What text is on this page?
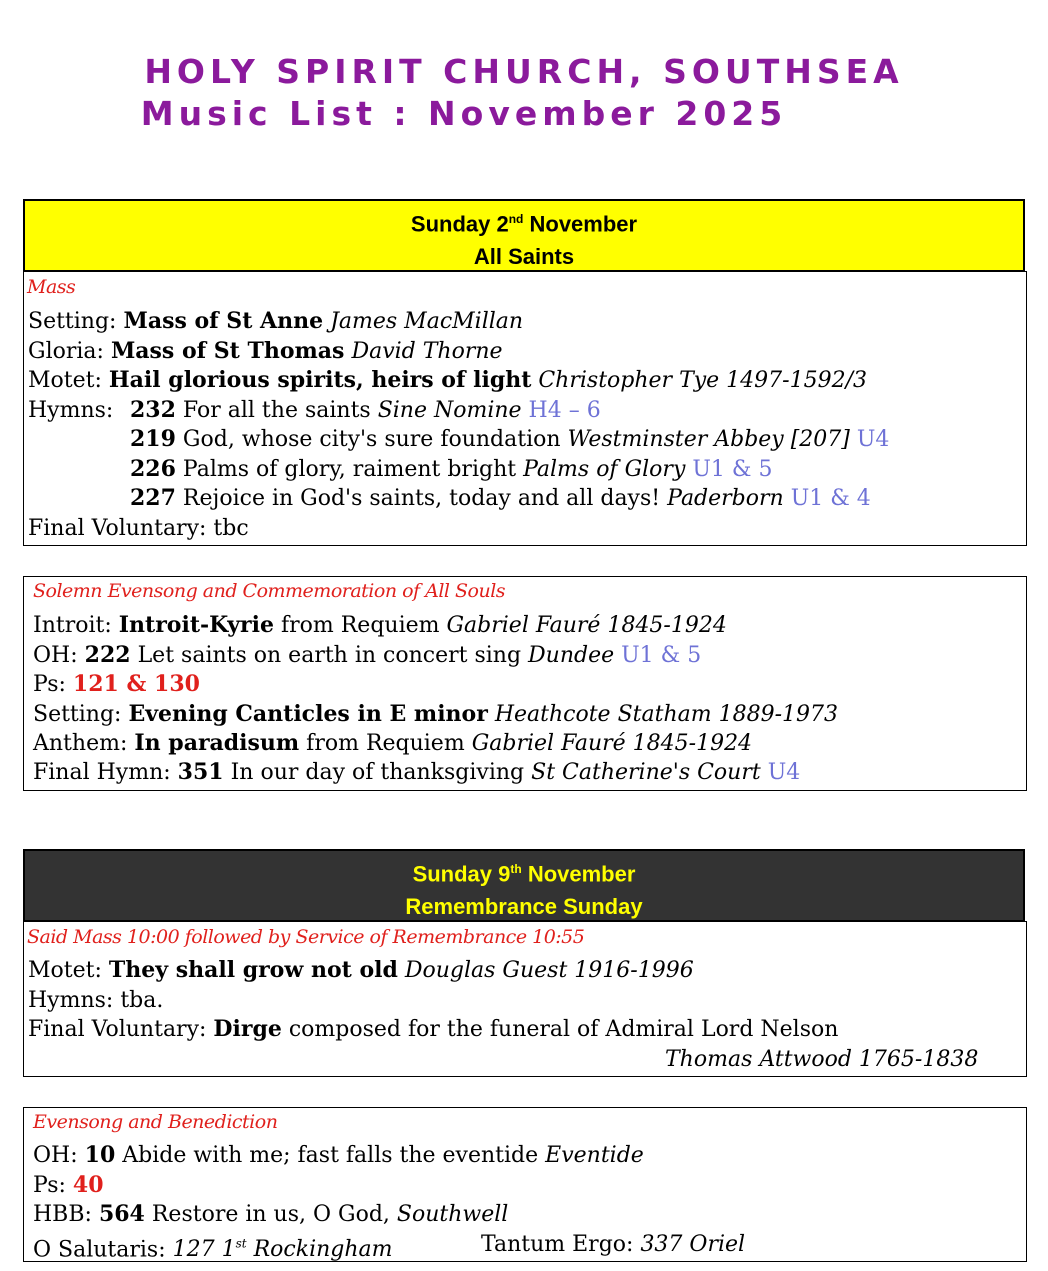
HOLY SPIRIT CHURCH, SOUTHSEA
Music List : November 2025
Sunday 2nd November
All Saints
Mass
Setting: Mass of St Anne James MacMillan
Gloria: Mass of St Thomas David Thorne
Motet: Hail glorious spirits, heirs of light Christopher Tye 1497-1592/3
Hymns: 232 For all the saints Sine Nomine H4 – 6
219 God, whose city's sure foundation Westminster Abbey [207] U4
226 Palms of glory, raiment bright Palms of Glory U1 & 5
227 Rejoice in God's saints, today and all days! Paderborn U1 & 4
Final Voluntary: tbc
Solemn Evensong and Commemoration of All Souls
Introit: Introit-Kyrie from Requiem Gabriel Fauré 1845-1924
OH: 222 Let saints on earth in concert sing Dundee U1 & 5
Ps: 121 & 130
Setting: Evening Canticles in E minor Heathcote Statham 1889-1973
Anthem: In paradisum from Requiem Gabriel Fauré 1845-1924
Final Hymn: 351 In our day of thanksgiving St Catherine's Court U4
Sunday 9th November
Remembrance Sunday
Said Mass 10:00 followed by Service of Remembrance 10:55
Motet: They shall grow not old Douglas Guest 1916-1996
Hymns: tba.
Final Voluntary: Dirge composed for the funeral of Admiral Lord Nelson
Thomas Attwood 1765-1838
Evensong and Benediction
OH: 10 Abide with me; fast falls the eventide Eventide
Ps: 40
HBB: 564 Restore in us, O God, Southwell
O Salutaris: 127 1st Rockingham	Tantum Ergo: 337 Oriel
